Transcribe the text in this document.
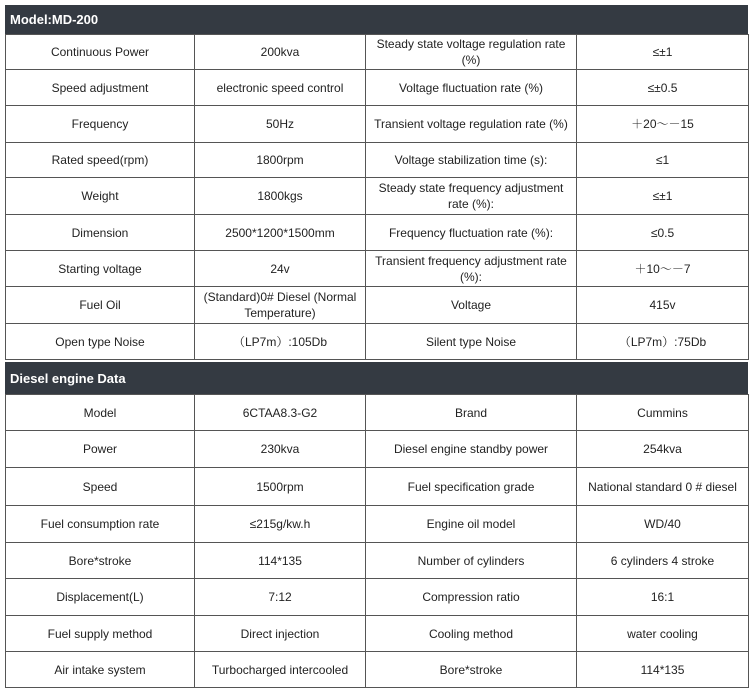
Model:MD-200
Continuous Power	200kva	Steady state voltage regulation rate (%)	≤±1
Speed adjustment	electronic speed control	Voltage fluctuation rate (%)	≤±0.5
Frequency	50Hz	Transient voltage regulation rate (%)	＋20～－15
Rated speed(rpm)	1800rpm	Voltage stabilization time (s):	≤1
Weight	1800kgs	Steady state frequency adjustment rate (%):	≤±1
Dimension	2500*1200*1500mm	Frequency fluctuation rate (%):	≤0.5
Starting voltage	24v	Transient frequency adjustment rate (%):	＋10～－7
Fuel Oil	(Standard)0# Diesel (Normal Temperature)	Voltage	415v
Open type Noise	（LP7m）:105Db	Silent type Noise	（LP7m）:75Db
Diesel engine Data
Model	6CTAA8.3-G2	Brand	Cummins
Power	230kva	Diesel engine standby power	254kva
Speed	1500rpm	Fuel specification grade	National standard 0 # diesel
Fuel consumption rate	≤215g/kw.h	Engine oil model	WD/40
Bore*stroke	114*135	Number of cylinders	6 cylinders 4 stroke
Displacement(L)	7:12	Compression ratio	16:1
Fuel supply method	Direct injection	Cooling method	water cooling
Air intake system	Turbocharged intercooled	Bore*stroke	114*135
